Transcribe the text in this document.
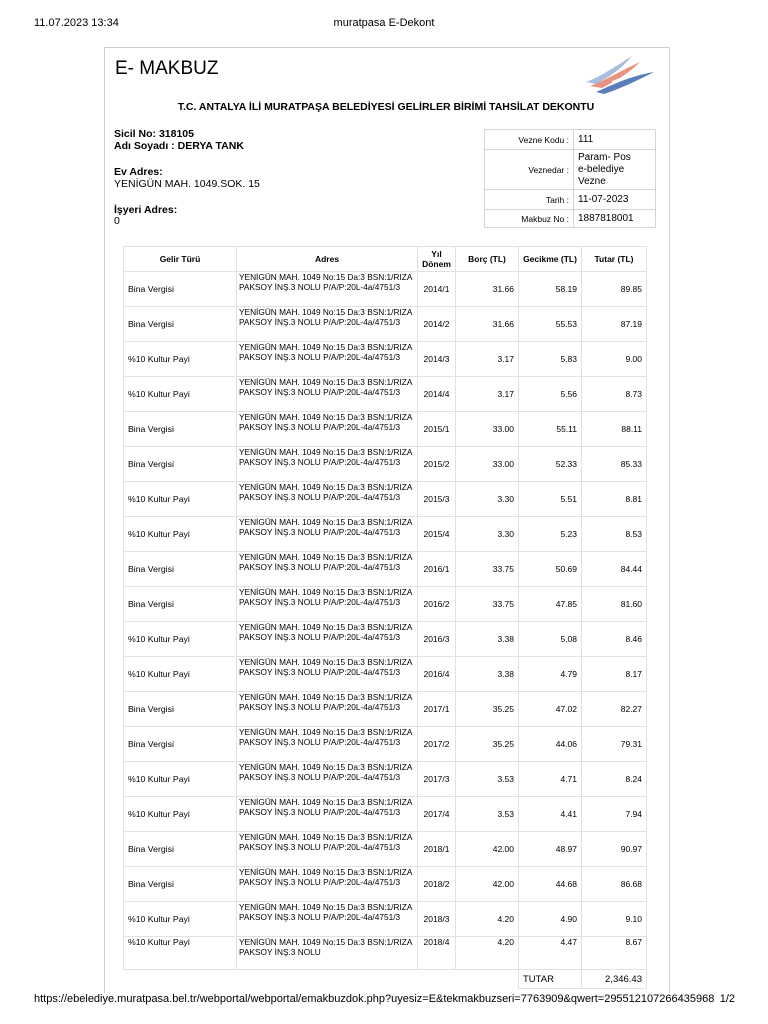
11.07.2023 13:34	muratpasa E-Dekont
E- MAKBUZ
T.C. ANTALYA İLİ MURATPAŞA BELEDİYESİ GELİRLER BİRİMİ TAHSİLAT DEKONTU
Sicil No: 318105
Adı Soyadı : DERYA TANK
Ev Adres:
YENİGÜN MAH. 1049.SOK. 15
İşyeri Adres:
0
Vezne Kodu :	111
Veznedar :	Param- Pos
e-belediye
Vezne

Tarih :	11-07-2023
Makbuz No :	1887818001
Gelir Türü	Adres	Yıl Dönem	Borç (TL)	Gecikme (TL)	Tutar (TL)
Bina Vergisi	YENİGÜN MAH. 1049 No:15 Da:3 BSN:1/RIZA PAKSOY İNŞ.3 NOLU P/A/P:20L-4a/4751/3	2014/1	31.66	58.19	89.85
Bina Vergisi	YENİGÜN MAH. 1049 No:15 Da:3 BSN:1/RIZA PAKSOY İNŞ.3 NOLU P/A/P:20L-4a/4751/3	2014/2	31.66	55.53	87.19
%10 Kultur Payi	YENİGÜN MAH. 1049 No:15 Da:3 BSN:1/RIZA PAKSOY İNŞ.3 NOLU P/A/P:20L-4a/4751/3	2014/3	3.17	5.83	9.00
%10 Kultur Payi	YENİGÜN MAH. 1049 No:15 Da:3 BSN:1/RIZA PAKSOY İNŞ.3 NOLU P/A/P:20L-4a/4751/3	2014/4	3.17	5.56	8.73
Bina Vergisi	YENİGÜN MAH. 1049 No:15 Da:3 BSN:1/RIZA PAKSOY İNŞ.3 NOLU P/A/P:20L-4a/4751/3	2015/1	33.00	55.11	88.11
Bina Vergisi	YENİGÜN MAH. 1049 No:15 Da:3 BSN:1/RIZA PAKSOY İNŞ.3 NOLU P/A/P:20L-4a/4751/3	2015/2	33.00	52.33	85.33
%10 Kultur Payi	YENİGÜN MAH. 1049 No:15 Da:3 BSN:1/RIZA PAKSOY İNŞ.3 NOLU P/A/P:20L-4a/4751/3	2015/3	3.30	5.51	8.81
%10 Kultur Payi	YENİGÜN MAH. 1049 No:15 Da:3 BSN:1/RIZA PAKSOY İNŞ.3 NOLU P/A/P:20L-4a/4751/3	2015/4	3.30	5.23	8.53
Bina Vergisi	YENİGÜN MAH. 1049 No:15 Da:3 BSN:1/RIZA PAKSOY İNŞ.3 NOLU P/A/P:20L-4a/4751/3	2016/1	33.75	50.69	84.44
Bina Vergisi	YENİGÜN MAH. 1049 No:15 Da:3 BSN:1/RIZA PAKSOY İNŞ.3 NOLU P/A/P:20L-4a/4751/3	2016/2	33.75	47.85	81.60
%10 Kultur Payi	YENİGÜN MAH. 1049 No:15 Da:3 BSN:1/RIZA PAKSOY İNŞ.3 NOLU P/A/P:20L-4a/4751/3	2016/3	3.38	5.08	8.46
%10 Kultur Payi	YENİGÜN MAH. 1049 No:15 Da:3 BSN:1/RIZA PAKSOY İNŞ.3 NOLU P/A/P:20L-4a/4751/3	2016/4	3.38	4.79	8.17
Bina Vergisi	YENİGÜN MAH. 1049 No:15 Da:3 BSN:1/RIZA PAKSOY İNŞ.3 NOLU P/A/P:20L-4a/4751/3	2017/1	35.25	47.02	82.27
Bina Vergisi	YENİGÜN MAH. 1049 No:15 Da:3 BSN:1/RIZA PAKSOY İNŞ.3 NOLU P/A/P:20L-4a/4751/3	2017/2	35.25	44.06	79.31
%10 Kultur Payi	YENİGÜN MAH. 1049 No:15 Da:3 BSN:1/RIZA PAKSOY İNŞ.3 NOLU P/A/P:20L-4a/4751/3	2017/3	3.53	4.71	8.24
%10 Kultur Payi	YENİGÜN MAH. 1049 No:15 Da:3 BSN:1/RIZA PAKSOY İNŞ.3 NOLU P/A/P:20L-4a/4751/3	2017/4	3.53	4.41	7.94
Bina Vergisi	YENİGÜN MAH. 1049 No:15 Da:3 BSN:1/RIZA PAKSOY İNŞ.3 NOLU P/A/P:20L-4a/4751/3	2018/1	42.00	48.97	90.97
Bina Vergisi	YENİGÜN MAH. 1049 No:15 Da:3 BSN:1/RIZA PAKSOY İNŞ.3 NOLU P/A/P:20L-4a/4751/3	2018/2	42.00	44.68	86.68
%10 Kultur Payi	YENİGÜN MAH. 1049 No:15 Da:3 BSN:1/RIZA PAKSOY İNŞ.3 NOLU P/A/P:20L-4a/4751/3	2018/3	4.20	4.90	9.10
%10 Kultur Payi	YENİGÜN MAH. 1049 No:15 Da:3 BSN:1/RIZA PAKSOY İNŞ.3 NOLU	2018/4	4.20	4.47	8.67
				TUTAR	2,346.43
https://ebelediye.muratpasa.bel.tr/webportal/webportal/emakbuzdok.php?uyesiz=E&tekmakbuzseri=7763909&qwert=295512107266435968 1/2
